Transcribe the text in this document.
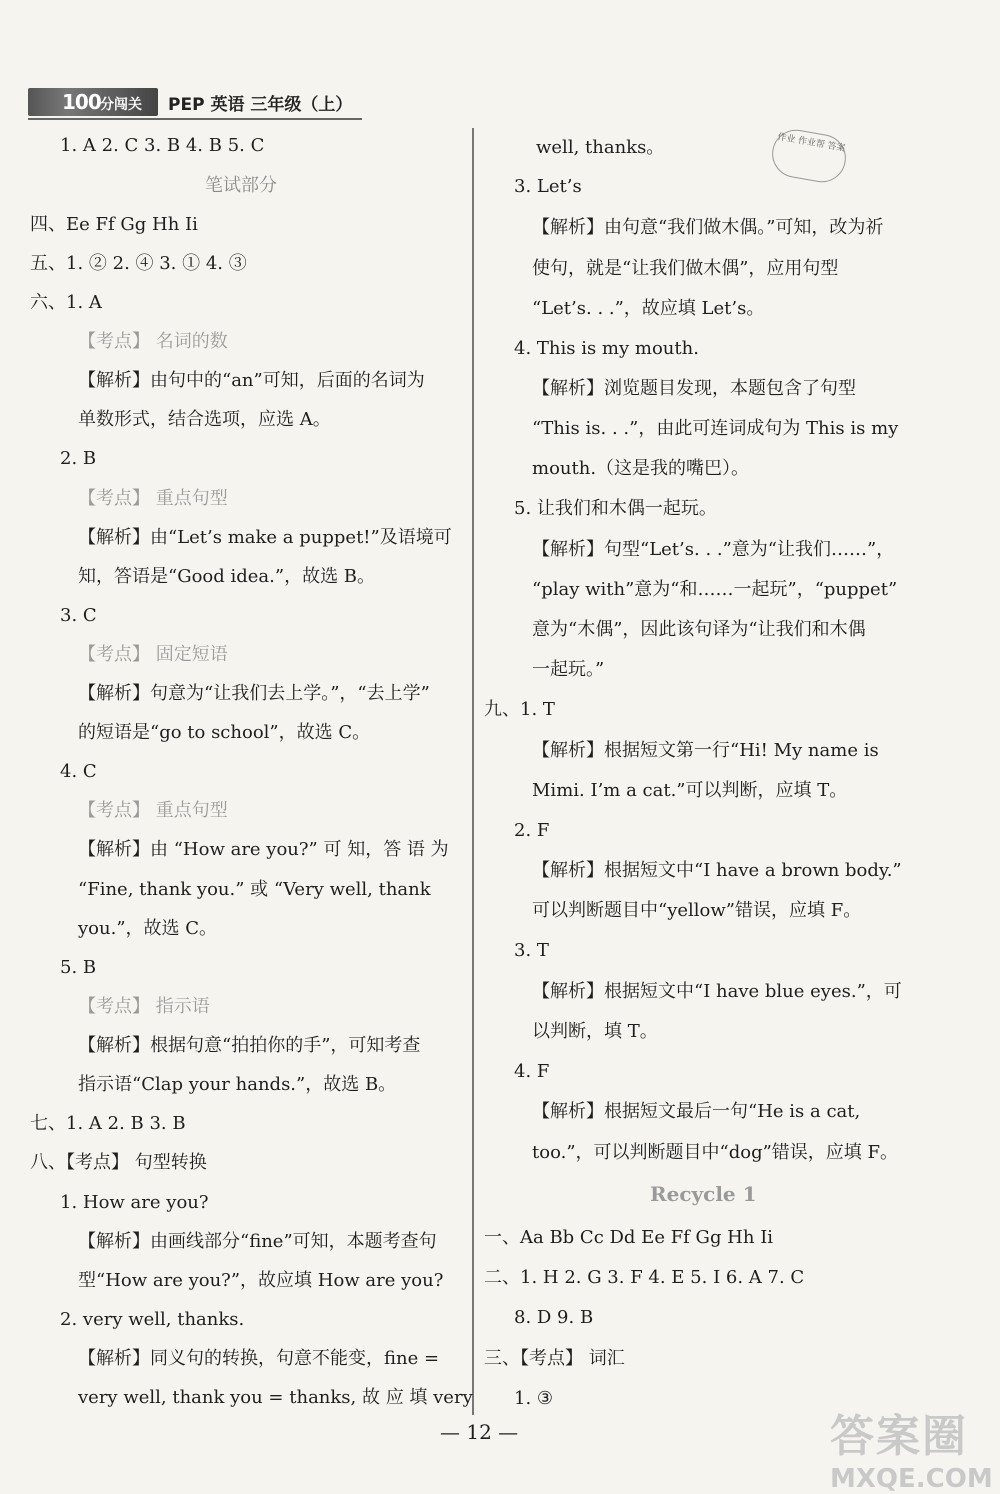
100 分闯关 PEP 英语 三年级（上）
作业 作业帮 答案
1. A 2. C 3. B 4. B 5. C
笔试部分
四、Ee Ff Gg Hh Ii
五、1. ② 2. ④ 3. ① 4. ③
六、1. A
【考点】 名词的数
【解析】由句中的“an”可知，后面的名词为
单数形式，结合选项，应选 A。
2. B
【考点】 重点句型
【解析】由“Let’s make a puppet!”及语境可
知，答语是“Good idea.”，故选 B。
3. C
【考点】 固定短语
【解析】句意为“让我们去上学。”，“去上学”
的短语是“go to school”，故选 C。
4. C
【考点】 重点句型
【解析】由 “How are you?” 可 知，答 语 为
“Fine, thank you.” 或 “Very well, thank
you.”，故选 C。
5. B
【考点】 指示语
【解析】根据句意“拍拍你的手”，可知考查
指示语“Clap your hands.”，故选 B。
七、1. A 2. B 3. B
八、【考点】 句型转换
1. How are you?
【解析】由画线部分“fine”可知，本题考查句
型“How are you?”，故应填 How are you?
2. very well, thanks.
【解析】同义句的转换，句意不能变，fine =
very well, thank you = thanks, 故 应 填 very
well, thanks。
3. Let’s
【解析】由句意“我们做木偶。”可知，改为祈
使句，就是“让我们做木偶”，应用句型
“Let’s. . .”，故应填 Let’s。
4. This is my mouth.
【解析】浏览题目发现，本题包含了句型
“This is. . .”，由此可连词成句为 This is my
mouth.（这是我的嘴巴）。
5. 让我们和木偶一起玩。
【解析】句型“Let’s. . .”意为“让我们……”，
“play with”意为“和……一起玩”，“puppet”
意为“木偶”，因此该句译为“让我们和木偶
一起玩。”
九、1. T
【解析】根据短文第一行“Hi! My name is
Mimi. I’m a cat.”可以判断，应填 T。
2. F
【解析】根据短文中“I have a brown body.”
可以判断题目中“yellow”错误，应填 F。
3. T
【解析】根据短文中“I have blue eyes.”，可
以判断，填 T。
4. F
【解析】根据短文最后一句“He is a cat,
too.”，可以判断题目中“dog”错误，应填 F。
Recycle 1
一、Aa Bb Cc Dd Ee Ff Gg Hh Ii
二、1. H 2. G 3. F 4. E 5. I 6. A 7. C
8. D 9. B
三、【考点】 词汇
1. ③
— 12 —	答案圈
MXQE.COM
